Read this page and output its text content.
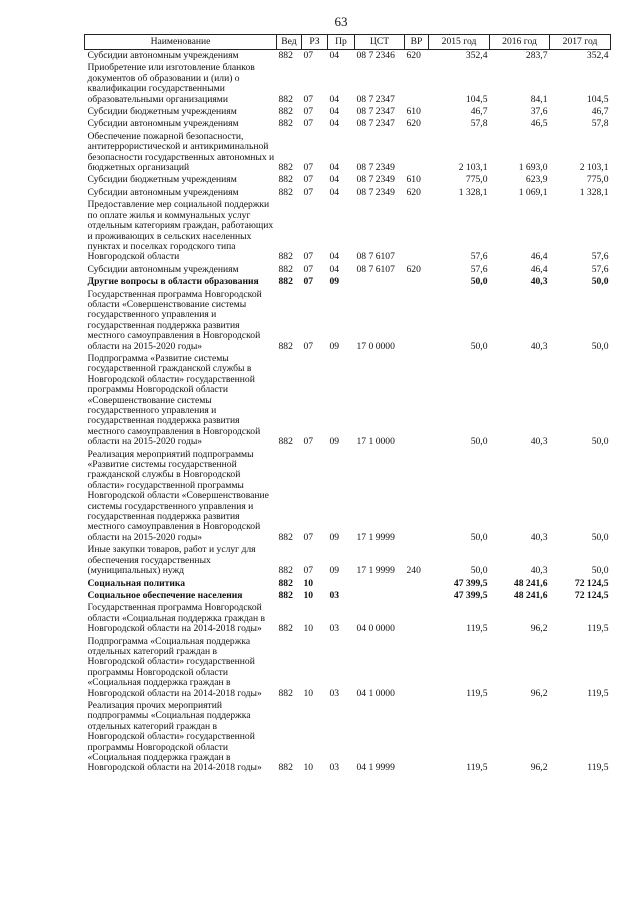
63
Наименование	Вед	РЗ	Пр	ЦСТ	ВР	2015 год	2016 год	2017 год
Субсидии автономным учреждениям	882	07	04	08 7 2346	620	352,4	283,7	352,4
Приобретение или изготовление бланков документов об образовании и (или) о квалификации государственными образовательными организациями	882	07	04	08 7 2347		104,5	84,1	104,5
Субсидии бюджетным учреждениям	882	07	04	08 7 2347	610	46,7	37,6	46,7
Субсидии автономным учреждениям	882	07	04	08 7 2347	620	57,8	46,5	57,8
Обеспечение пожарной безопасности, антитеррористической и антикриминальной безопасности государственных автономных и бюджетных организаций	882	07	04	08 7 2349		2 103,1	1 693,0	2 103,1
Субсидии бюджетным учреждениям	882	07	04	08 7 2349	610	775,0	623,9	775,0
Субсидии автономным учреждениям	882	07	04	08 7 2349	620	1 328,1	1 069,1	1 328,1
Предоставление мер социальной поддержки по оплате жилья и коммунальных услуг отдельным категориям граждан, работающих и проживающих в сельских населенных пунктах и поселках городского типа Новгородской области	882	07	04	08 7 6107		57,6	46,4	57,6
Субсидии автономным учреждениям	882	07	04	08 7 6107	620	57,6	46,4	57,6
Другие вопросы в области образования	882	07	09			50,0	40,3	50,0
Государственная программа Новгородской области «Совершенствование системы государственного управления и государственная поддержка развития местного самоуправления в Новгородской области на 2015-2020 годы»	882	07	09	17 0 0000		50,0	40,3	50,0
Подпрограмма «Развитие системы государственной гражданской службы в Новгородской области» государственной программы Новгородской области «Совершенствование системы государственного управления и государственная поддержка развития местного самоуправления в Новгородской области на 2015-2020 годы»	882	07	09	17 1 0000		50,0	40,3	50,0
Реализация мероприятий подпрограммы «Развитие системы государственной гражданской службы в Новгородской области» государственной программы Новгородской области «Совершенствование системы государственного управления и государственная поддержка развития местного самоуправления в Новгородской области на 2015-2020 годы»	882	07	09	17 1 9999		50,0	40,3	50,0
Иные закупки товаров, работ и услуг для обеспечения государственных (муниципальных) нужд	882	07	09	17 1 9999	240	50,0	40,3	50,0
Социальная политика	882	10				47 399,5	48 241,6	72 124,5
Социальное обеспечение населения	882	10	03			47 399,5	48 241,6	72 124,5
Государственная программа Новгородской области «Социальная поддержка граждан в Новгородской области на 2014-2018 годы»	882	10	03	04 0 0000		119,5	96,2	119,5
Подпрограмма «Социальная поддержка отдельных категорий граждан в Новгородской области» государственной программы Новгородской области «Социальная поддержка граждан в Новгородской области на 2014-2018 годы»	882	10	03	04 1 0000		119,5	96,2	119,5
Реализация прочих мероприятий подпрограммы «Социальная поддержка отдельных категорий граждан в Новгородской области» государственной программы Новгородской области «Социальная поддержка граждан в Новгородской области на 2014-2018 годы»	882	10	03	04 1 9999		119,5	96,2	119,5
